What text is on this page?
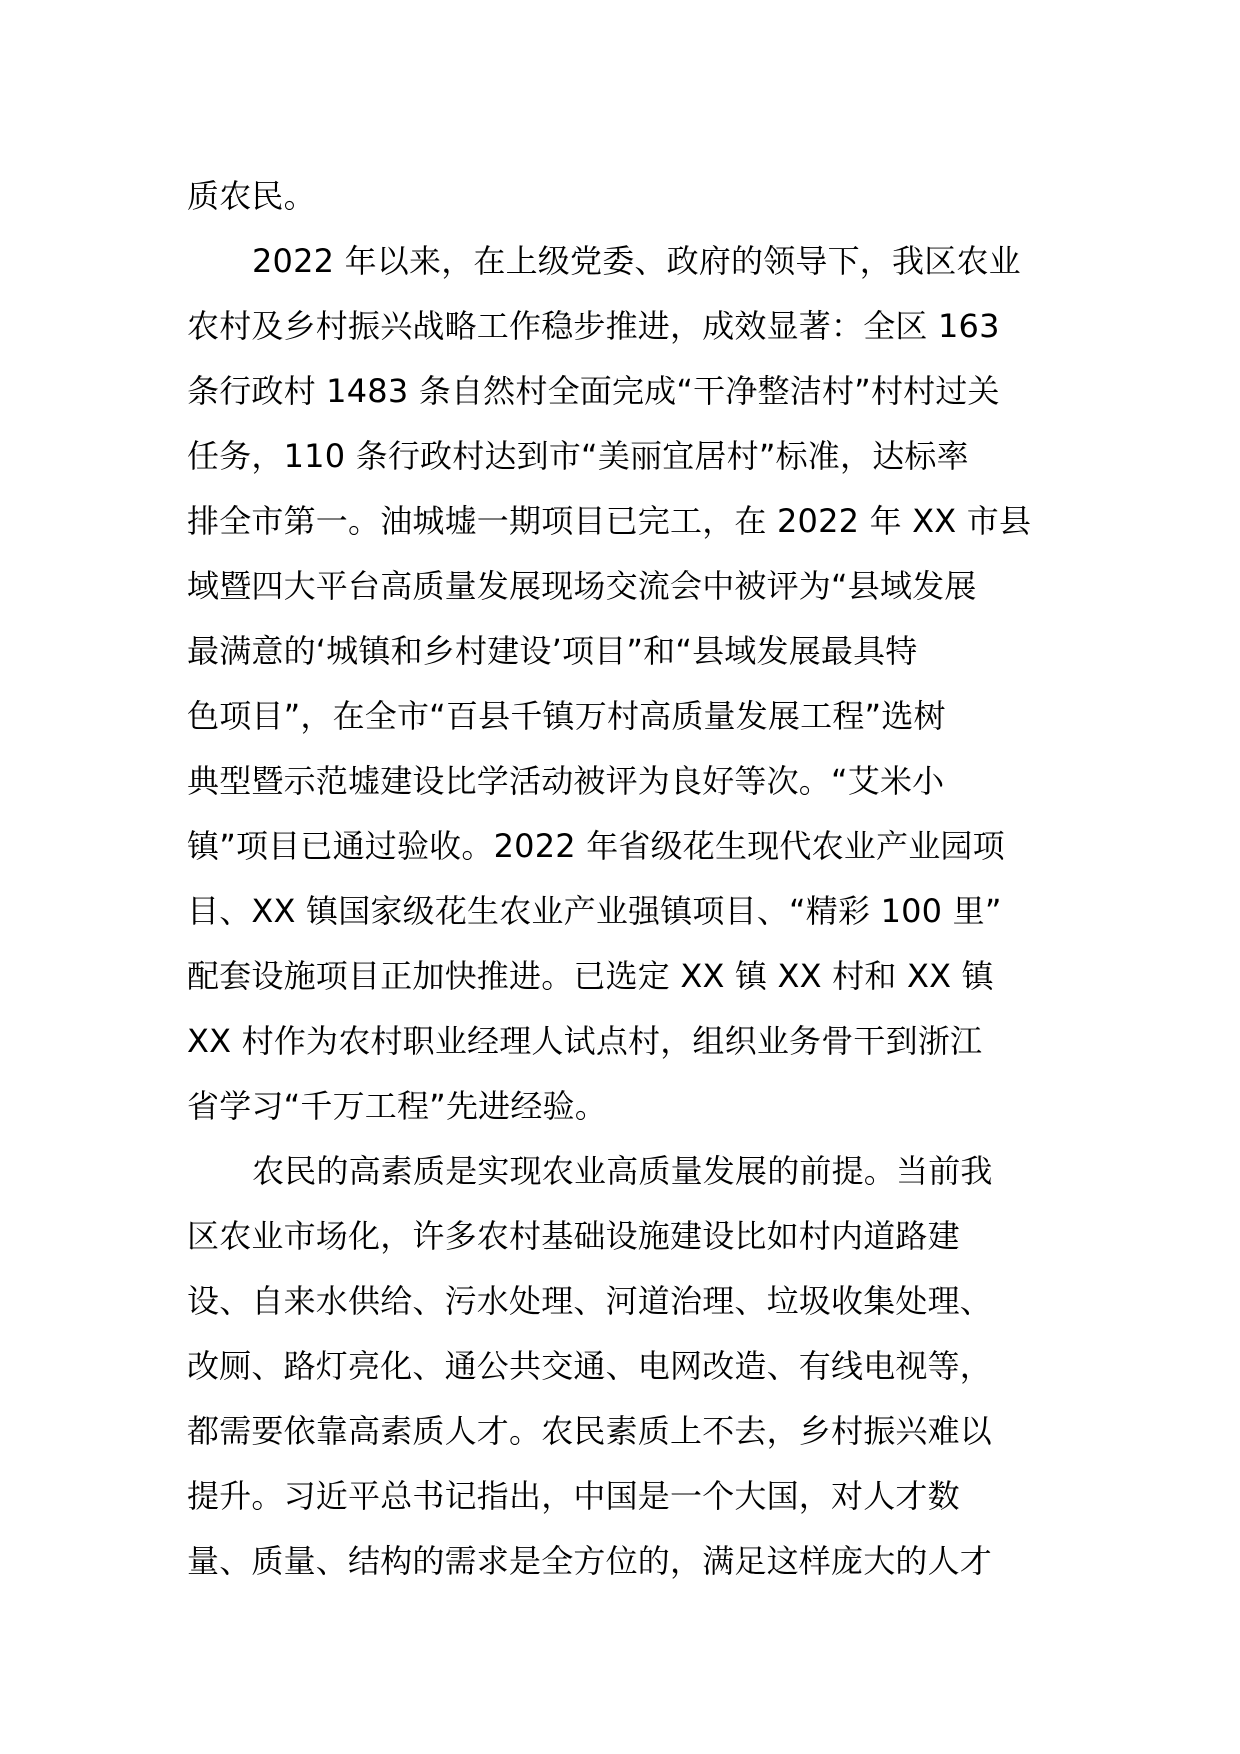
质农民。
2022 年以来，在上级党委、政府的领导下，我区农业
农村及乡村振兴战略工作稳步推进，成效显著：全区 163
条行政村 1483 条自然村全面完成“干净整洁村”村村过关
任务，110 条行政村达到市“美丽宜居村”标准，达标率
排全市第一。油城墟一期项目已完工，在 2022 年 XX 市县
域暨四大平台高质量发展现场交流会中被评为“县域发展
最满意的‘城镇和乡村建设’项目”和“县域发展最具特
色项目”，在全市“百县千镇万村高质量发展工程”选树
典型暨示范墟建设比学活动被评为良好等次。“艾米小
镇”项目已通过验收。2022 年省级花生现代农业产业园项
目、XX 镇国家级花生农业产业强镇项目、“精彩 100 里”
配套设施项目正加快推进。已选定 XX 镇 XX 村和 XX 镇
XX 村作为农村职业经理人试点村，组织业务骨干到浙江
省学习“千万工程”先进经验。
农民的高素质是实现农业高质量发展的前提。当前我
区农业市场化，许多农村基础设施建设比如村内道路建
设、自来水供给、污水处理、河道治理、垃圾收集处理、
改厕、路灯亮化、通公共交通、电网改造、有线电视等，
都需要依靠高素质人才。农民素质上不去，乡村振兴难以
提升。习近平总书记指出，中国是一个大国，对人才数
量、质量、结构的需求是全方位的，满足这样庞大的人才
